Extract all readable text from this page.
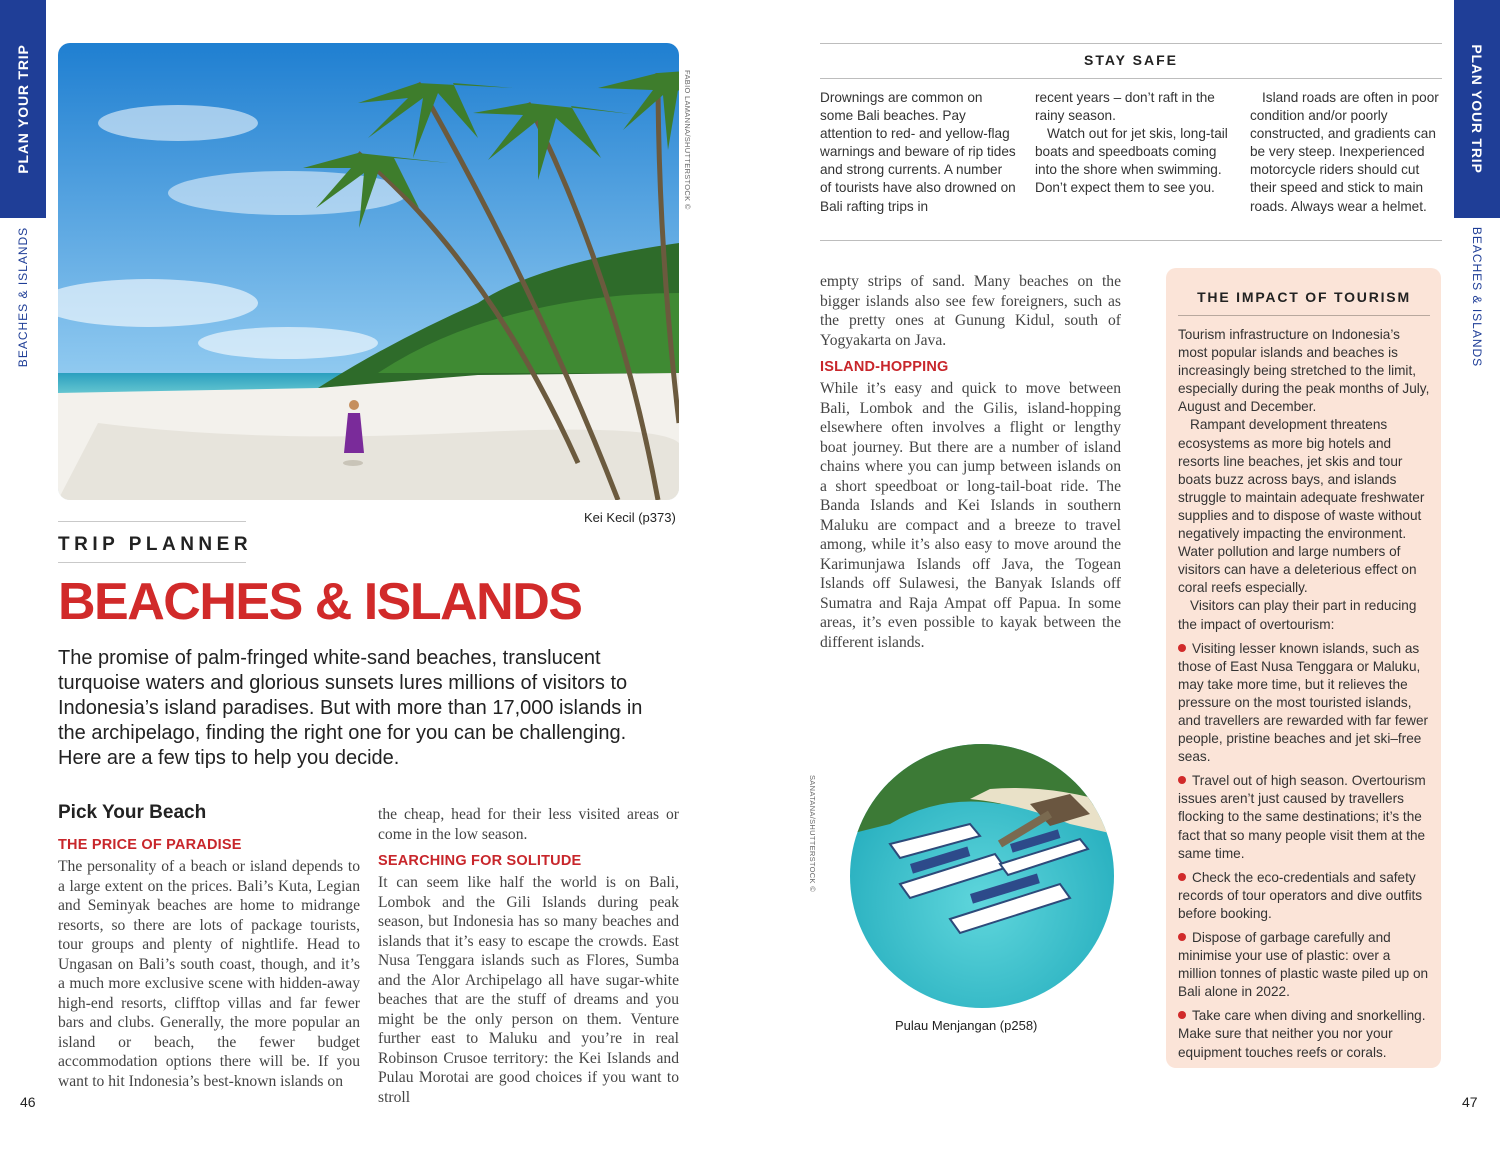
PLAN YOUR TRIP
BEACHES & ISLANDS
PLAN YOUR TRIP
BEACHES & ISLANDS
46	47
FABIO LAMANNA/SHUTTERSTOCK ©
Kei Kecil (p373)
TRIP PLANNER
BEACHES & ISLANDS
The promise of palm-fringed white-sand beaches, translucent turquoise waters and glorious sunsets lures millions of visitors to Indonesia’s island paradises. But with more than 17,000 islands in the archipelago, finding the right one for you can be challenging. Here are a few tips to help you decide.
Pick Your Beach
THE PRICE OF PARADISE
The personality of a beach or island depends to a large extent on the prices. Bali’s Kuta, Legian and Seminyak beaches are home to midrange resorts, so there are lots of package tourists, tour groups and plenty of nightlife. Head to Ungasan on Bali’s south coast, though, and it’s a much more exclusive scene with hidden-away high-end resorts, clifftop villas and far fewer bars and clubs. Generally, the more popular an island or beach, the fewer budget accommodation options there will be. If you want to hit Indonesia’s best-known islands on
the cheap, head for their less visited areas or come in the low season.
SEARCHING FOR SOLITUDE
It can seem like half the world is on Bali, Lombok and the Gili Islands during peak season, but Indonesia has so many beaches and islands that it’s easy to escape the crowds. East Nusa Tenggara islands such as Flores, Sumba and the Alor Archipelago all have sugar-white beaches that are the stuff of dreams and you might be the only person on them. Venture further east to Maluku and you’re in real Robinson Crusoe territory: the Kei Islands and Pulau Morotai are good choices if you want to stroll
STAY SAFE
Drownings are common on some Bali beaches. Pay attention to red- and yellow-flag warnings and beware of rip tides and strong currents. A number of tourists have also drowned on Bali rafting trips in
recent years – don’t raft in the rainy season.
Watch out for jet skis, long-tail boats and speedboats coming into the shore when swimming. Don’t expect them to see you.
Island roads are often in poor condition and/or poorly constructed, and gradients can be very steep. Inexperienced motorcycle riders should cut their speed and stick to main roads. Always wear a helmet.
empty strips of sand. Many beaches on the bigger islands also see few foreigners, such as the pretty ones at Gunung Kidul, south of Yogyakarta on Java.
ISLAND-HOPPING
While it’s easy and quick to move between Bali, Lombok and the Gilis, island-hopping elsewhere often involves a flight or lengthy boat journey. But there are a number of island chains where you can jump between islands on a short speedboat or long-tail-boat ride. The Banda Islands and Kei Islands in southern Maluku are compact and a breeze to travel among, while it’s also easy to move around the Karimunjawa Islands off Java, the Togean Islands off Sulawesi, the Banyak Islands off Sumatra and Raja Ampat off Papua. In some areas, it’s even possible to kayak between the different islands.
SANATANA/SHUTTERSTOCK ©
Pulau Menjangan (p258)
THE IMPACT OF TOURISM
Tourism infrastructure on Indonesia’s most popular islands and beaches is increasingly being stretched to the limit, especially during the peak months of July, August and December.
Rampant development threatens ecosystems as more big hotels and resorts line beaches, jet skis and tour boats buzz across bays, and islands struggle to maintain adequate freshwater supplies and to dispose of waste without negatively impacting the environment. Water pollution and large numbers of visitors can have a deleterious effect on coral reefs especially.
Visitors can play their part in reducing the impact of overtourism:
Visiting lesser known islands, such as those of East Nusa Tenggara or Maluku, may take more time, but it relieves the pressure on the most touristed islands, and travellers are rewarded with far fewer people, pristine beaches and jet ski–free seas.
Travel out of high season. Overtourism issues aren’t just caused by travellers flocking to the same destinations; it’s the fact that so many people visit them at the same time.
Check the eco-credentials and safety records of tour operators and dive outfits before booking.
Dispose of garbage carefully and minimise your use of plastic: over a million tonnes of plastic waste piled up on Bali alone in 2022.
Take care when diving and snorkelling. Make sure that neither you nor your equipment touches reefs or corals.
